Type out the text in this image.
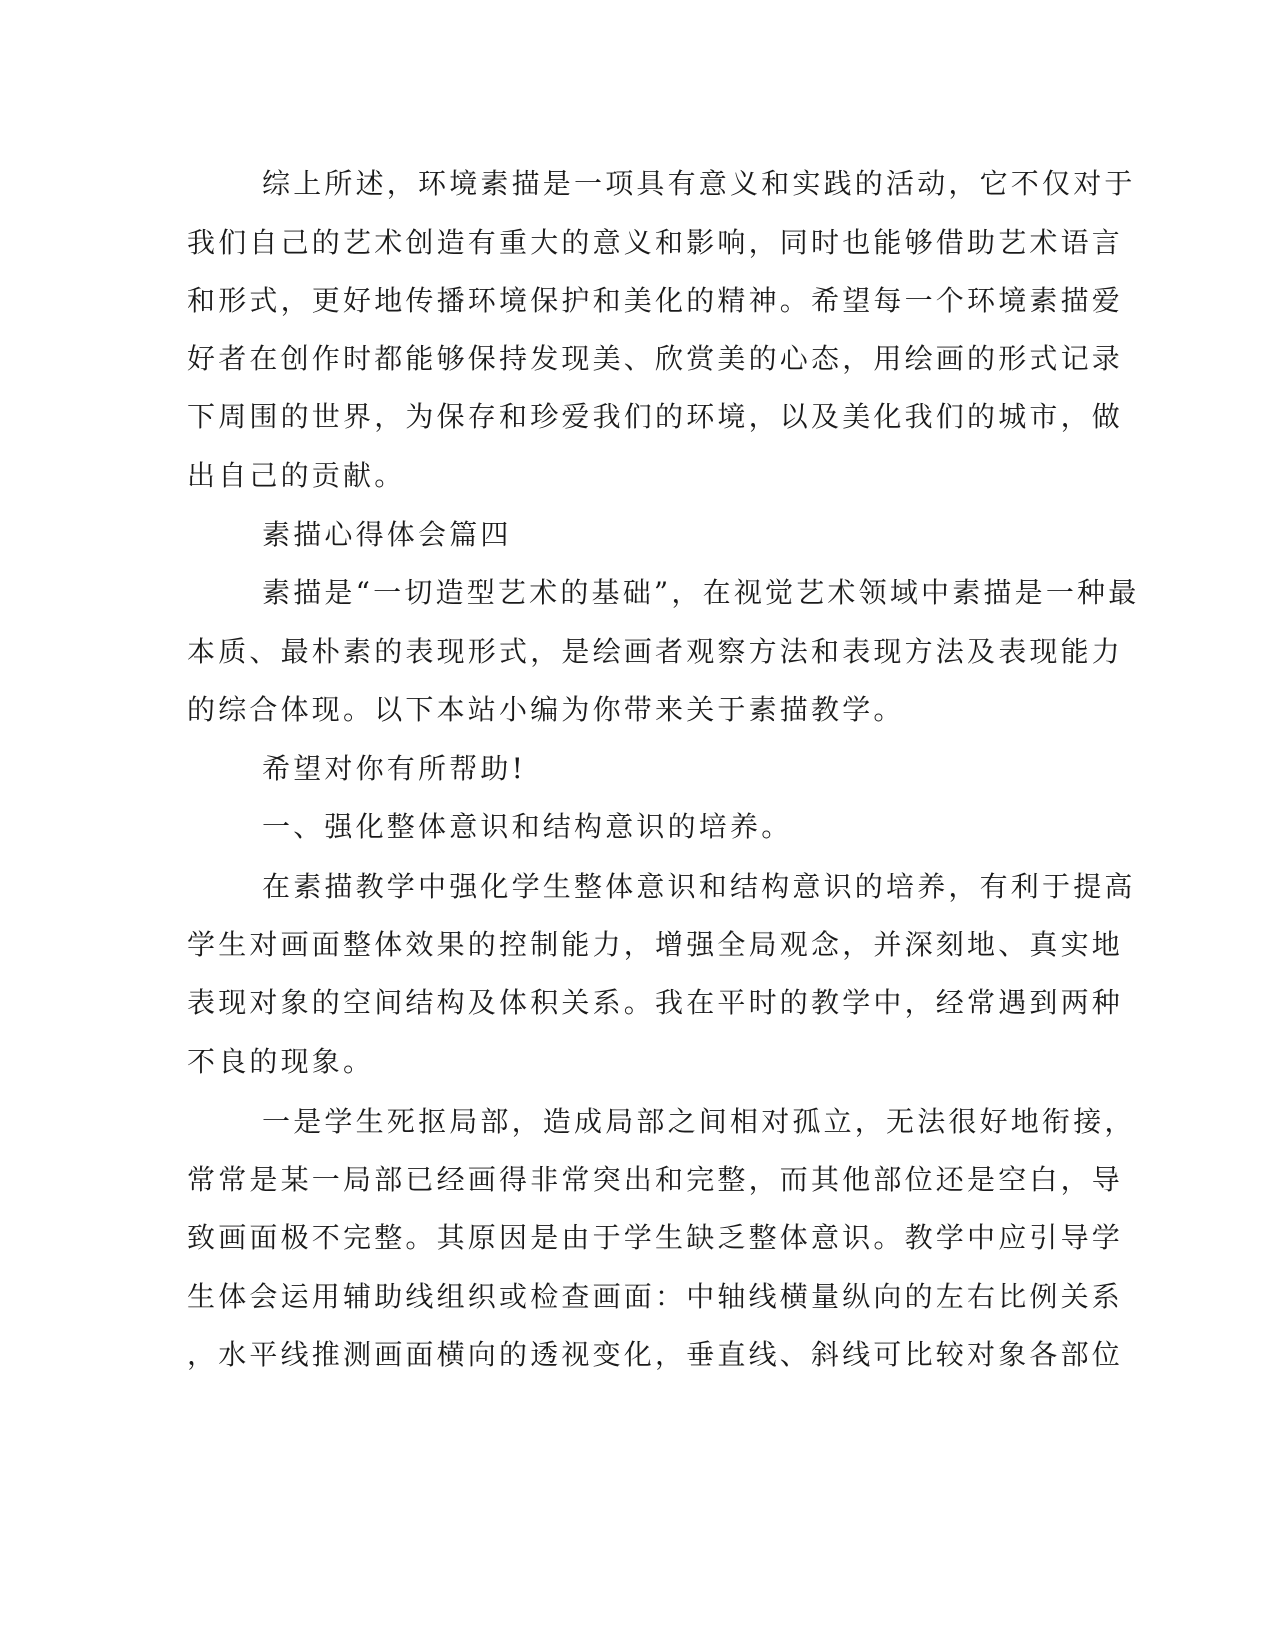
综上所述，环境素描是一项具有意义和实践的活动，它不仅对于
我们自己的艺术创造有重大的意义和影响，同时也能够借助艺术语言
和形式，更好地传播环境保护和美化的精神。希望每一个环境素描爱
好者在创作时都能够保持发现美、欣赏美的心态，用绘画的形式记录
下周围的世界，为保存和珍爱我们的环境，以及美化我们的城市，做
出自己的贡献。
素描心得体会篇四
素描是“一切造型艺术的基础”，在视觉艺术领域中素描是一种最
本质、最朴素的表现形式，是绘画者观察方法和表现方法及表现能力
的综合体现。以下本站小编为你带来关于素描教学。
希望对你有所帮助!
一、强化整体意识和结构意识的培养。
在素描教学中强化学生整体意识和结构意识的培养，有利于提高
学生对画面整体效果的控制能力，增强全局观念，并深刻地、真实地
表现对象的空间结构及体积关系。我在平时的教学中，经常遇到两种
不良的现象。
一是学生死抠局部，造成局部之间相对孤立，无法很好地衔接，
常常是某一局部已经画得非常突出和完整，而其他部位还是空白，导
致画面极不完整。其原因是由于学生缺乏整体意识。教学中应引导学
生体会运用辅助线组织或检查画面：中轴线横量纵向的左右比例关系
，水平线推测画面横向的透视变化，垂直线、斜线可比较对象各部位
